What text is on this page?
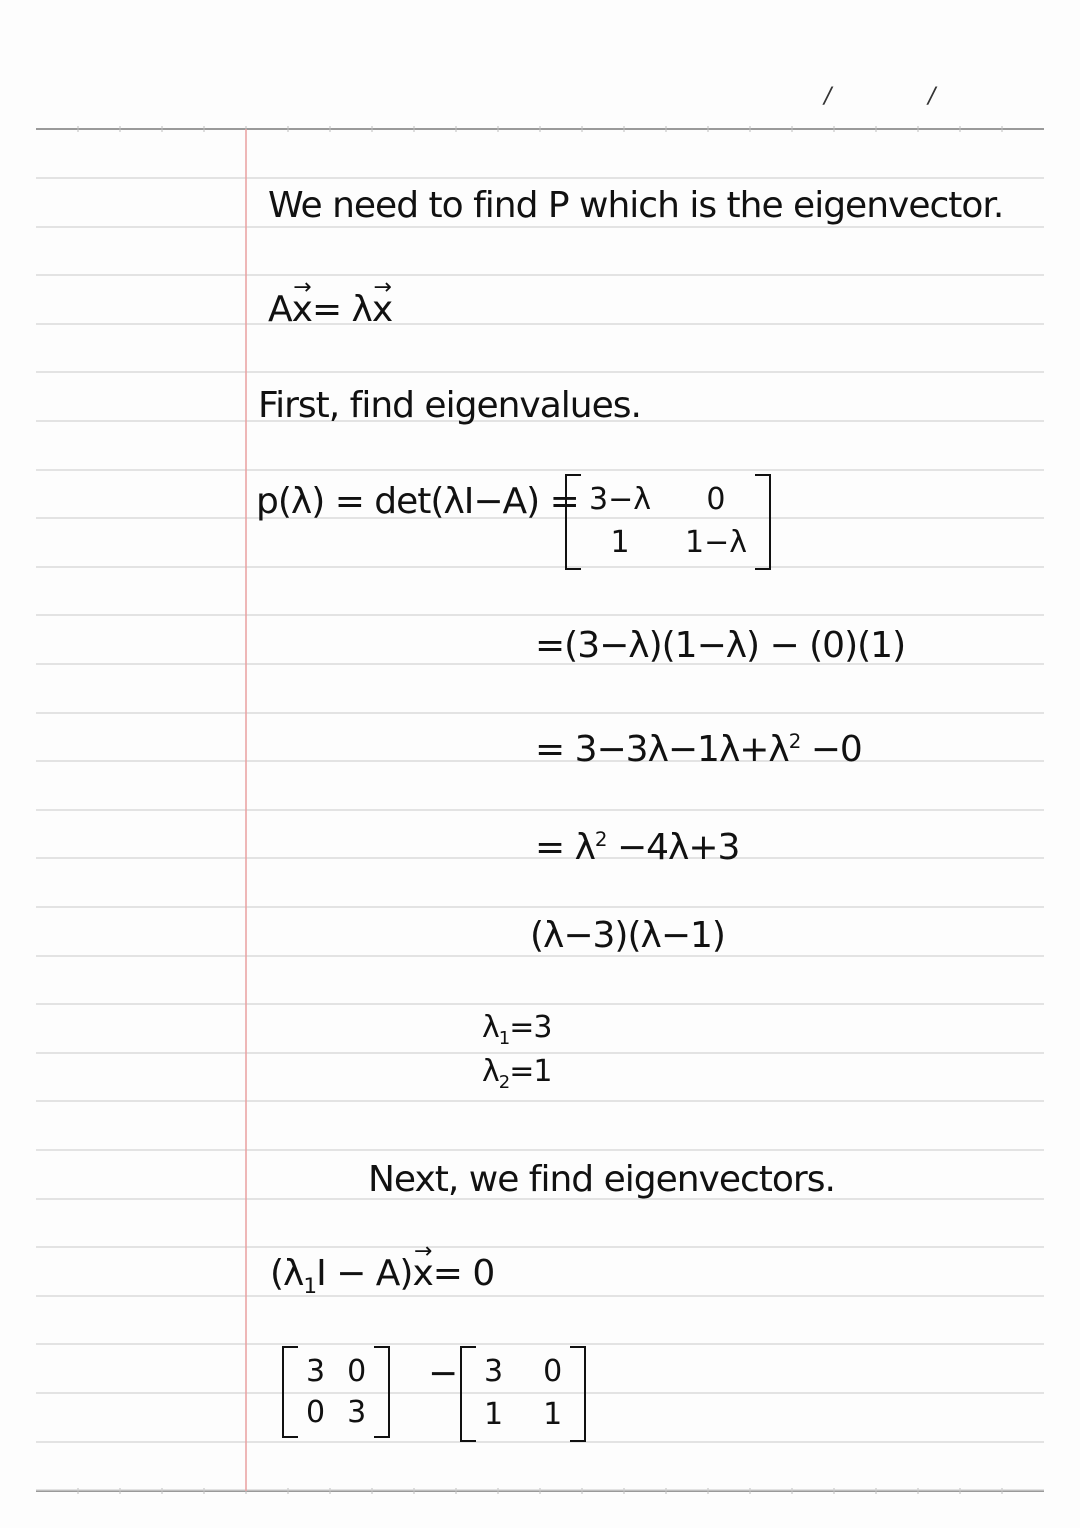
/	/
We need to find P which is the eigenvector.
A→ x= λ→ x
First, find eigenvalues.
p(λ) = det(λI−A) = 3−λ	0
1	1−λ
=(3−λ)(1−λ) − (0)(1)
= $3-3\lambda-1\lambda+\lambda^2 -0$
= $\lambda^2 -4\lambda+3$
(λ−3)(λ−1)
$\lambda_1=3$
$\lambda_2=1$
Next, we find eigenvectors.
$(\lambda_1I - A)\to x= 0$
3 0
0 3
− 3 0
1 1
